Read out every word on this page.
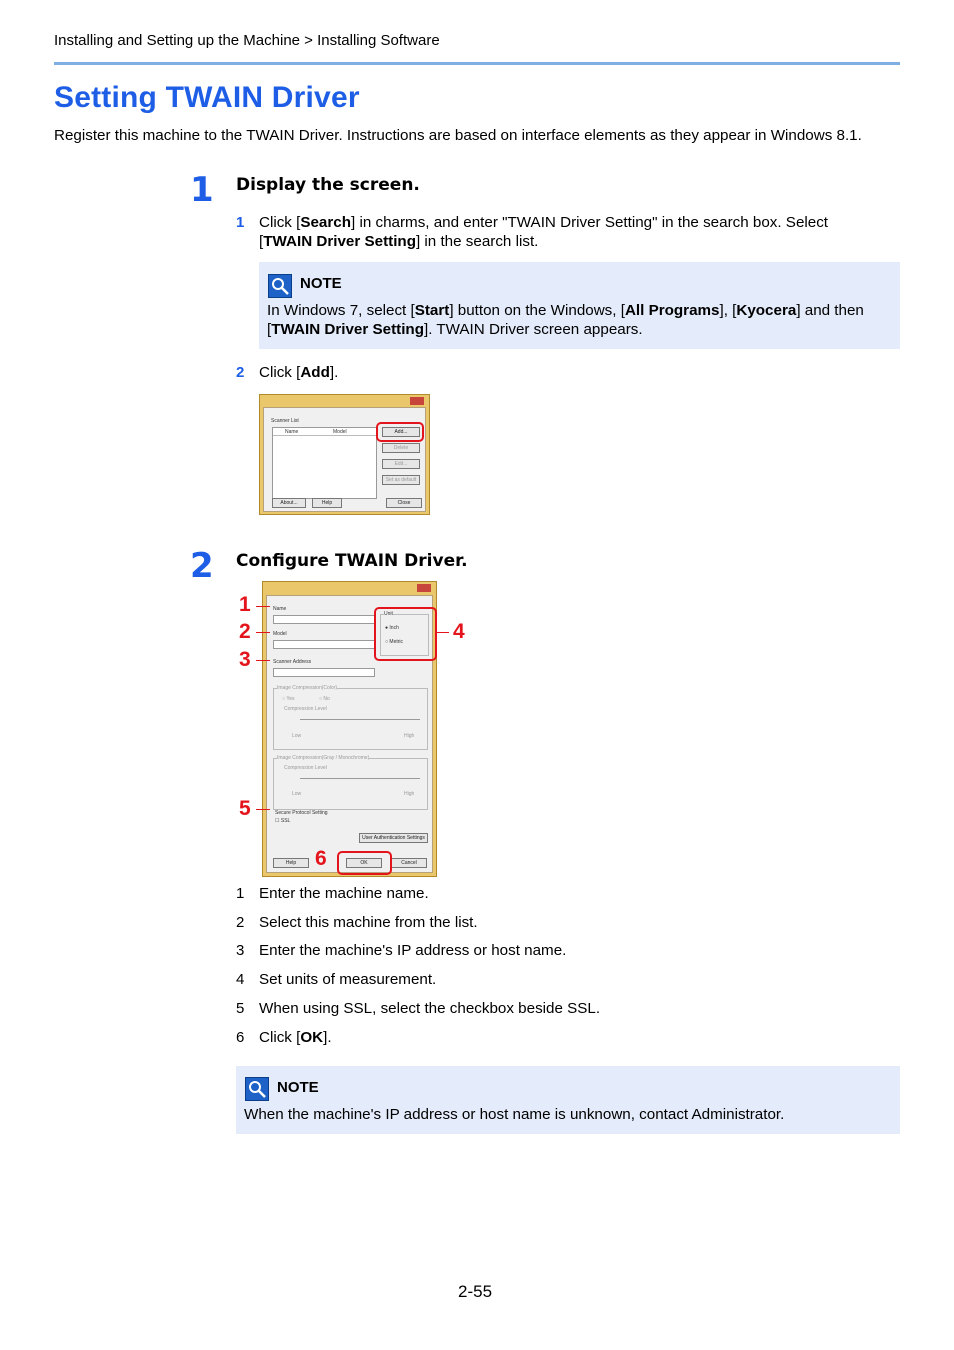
Installing and Setting up the Machine > Installing Software
Setting TWAIN Driver
Register this machine to the TWAIN Driver. Instructions are based on interface elements as they appear in Windows 8.1.
1 Display the screen.
1 Click [Search] in charms, and enter "TWAIN Driver Setting" in the search box. Select
[TWAIN Driver Setting] in the search list.
NOTE
In Windows 7, select [Start] button on the Windows, [All Programs], [Kyocera] and then
[TWAIN Driver Setting]. TWAIN Driver screen appears.
2 Click [Add].
Scanner List
Name	Model	Add...
Delete
Edit...
Set as default
About...	Help	Close
2 Configure TWAIN Driver.
Name
Model
Scanner Address
Unit
● Inch
○ Metric
Image Compression(Color)
○ Yes	○ No
Compression Level
Low	High
Image Compression(Gray / Monochrome)
Compression Level
Low	High
Secure Protocol Setting
☐ SSL
User Authentication Settings
Help	OK	Cancel
1
2
3
4
5
6
1 Enter the machine name.
2 Select this machine from the list.
3 Enter the machine's IP address or host name.
4 Set units of measurement.
5 When using SSL, select the checkbox beside SSL.
6 Click [OK].
NOTE
When the machine's IP address or host name is unknown, contact Administrator.
2-55
